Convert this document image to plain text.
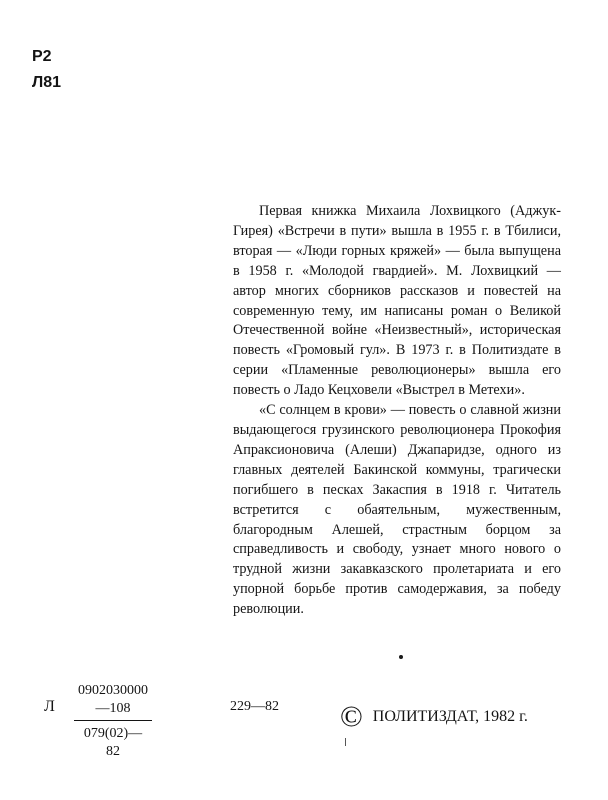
Р2
Л81

Первая книжка Михаила Лохвицкого (Аджук-Гирея) «Встречи в пути» вышла в 1955 г. в Тбилиси, вторая — «Люди горных кряжей» — была выпущена в 1958 г. «Молодой гвардией». М. Лохвицкий — автор многих сборников рассказов и повестей на современную тему, им написаны роман о Великой Отечественной войне «Неизвестный», историческая повесть «Громовый гул». В 1973 г. в Политиздате в серии «Пламенные революционеры» вышла его повесть о Ладо Кецховели «Выстрел в Метехи».

«С солнцем в крови» — повесть о славной жизни выдающегося грузинского революционера Прокофия Апраксионовича (Алеши) Джапаридзе, одного из главных деятелей Бакинской коммуны, трагически погибшего в песках Закаспия в 1918 г. Читатель встретится с обаятельным, мужественным, благородным Алешей, страстным борцом за справедливость и свободу, узнает много нового о трудной жизни закавказского пролетариата и его упорной борьбе против самодержавия, за победу революции.

Л $\frac{0902030000—108}{079(02)—82}$	229—82 © ПОЛИТИЗДАТ, 1982 г.
